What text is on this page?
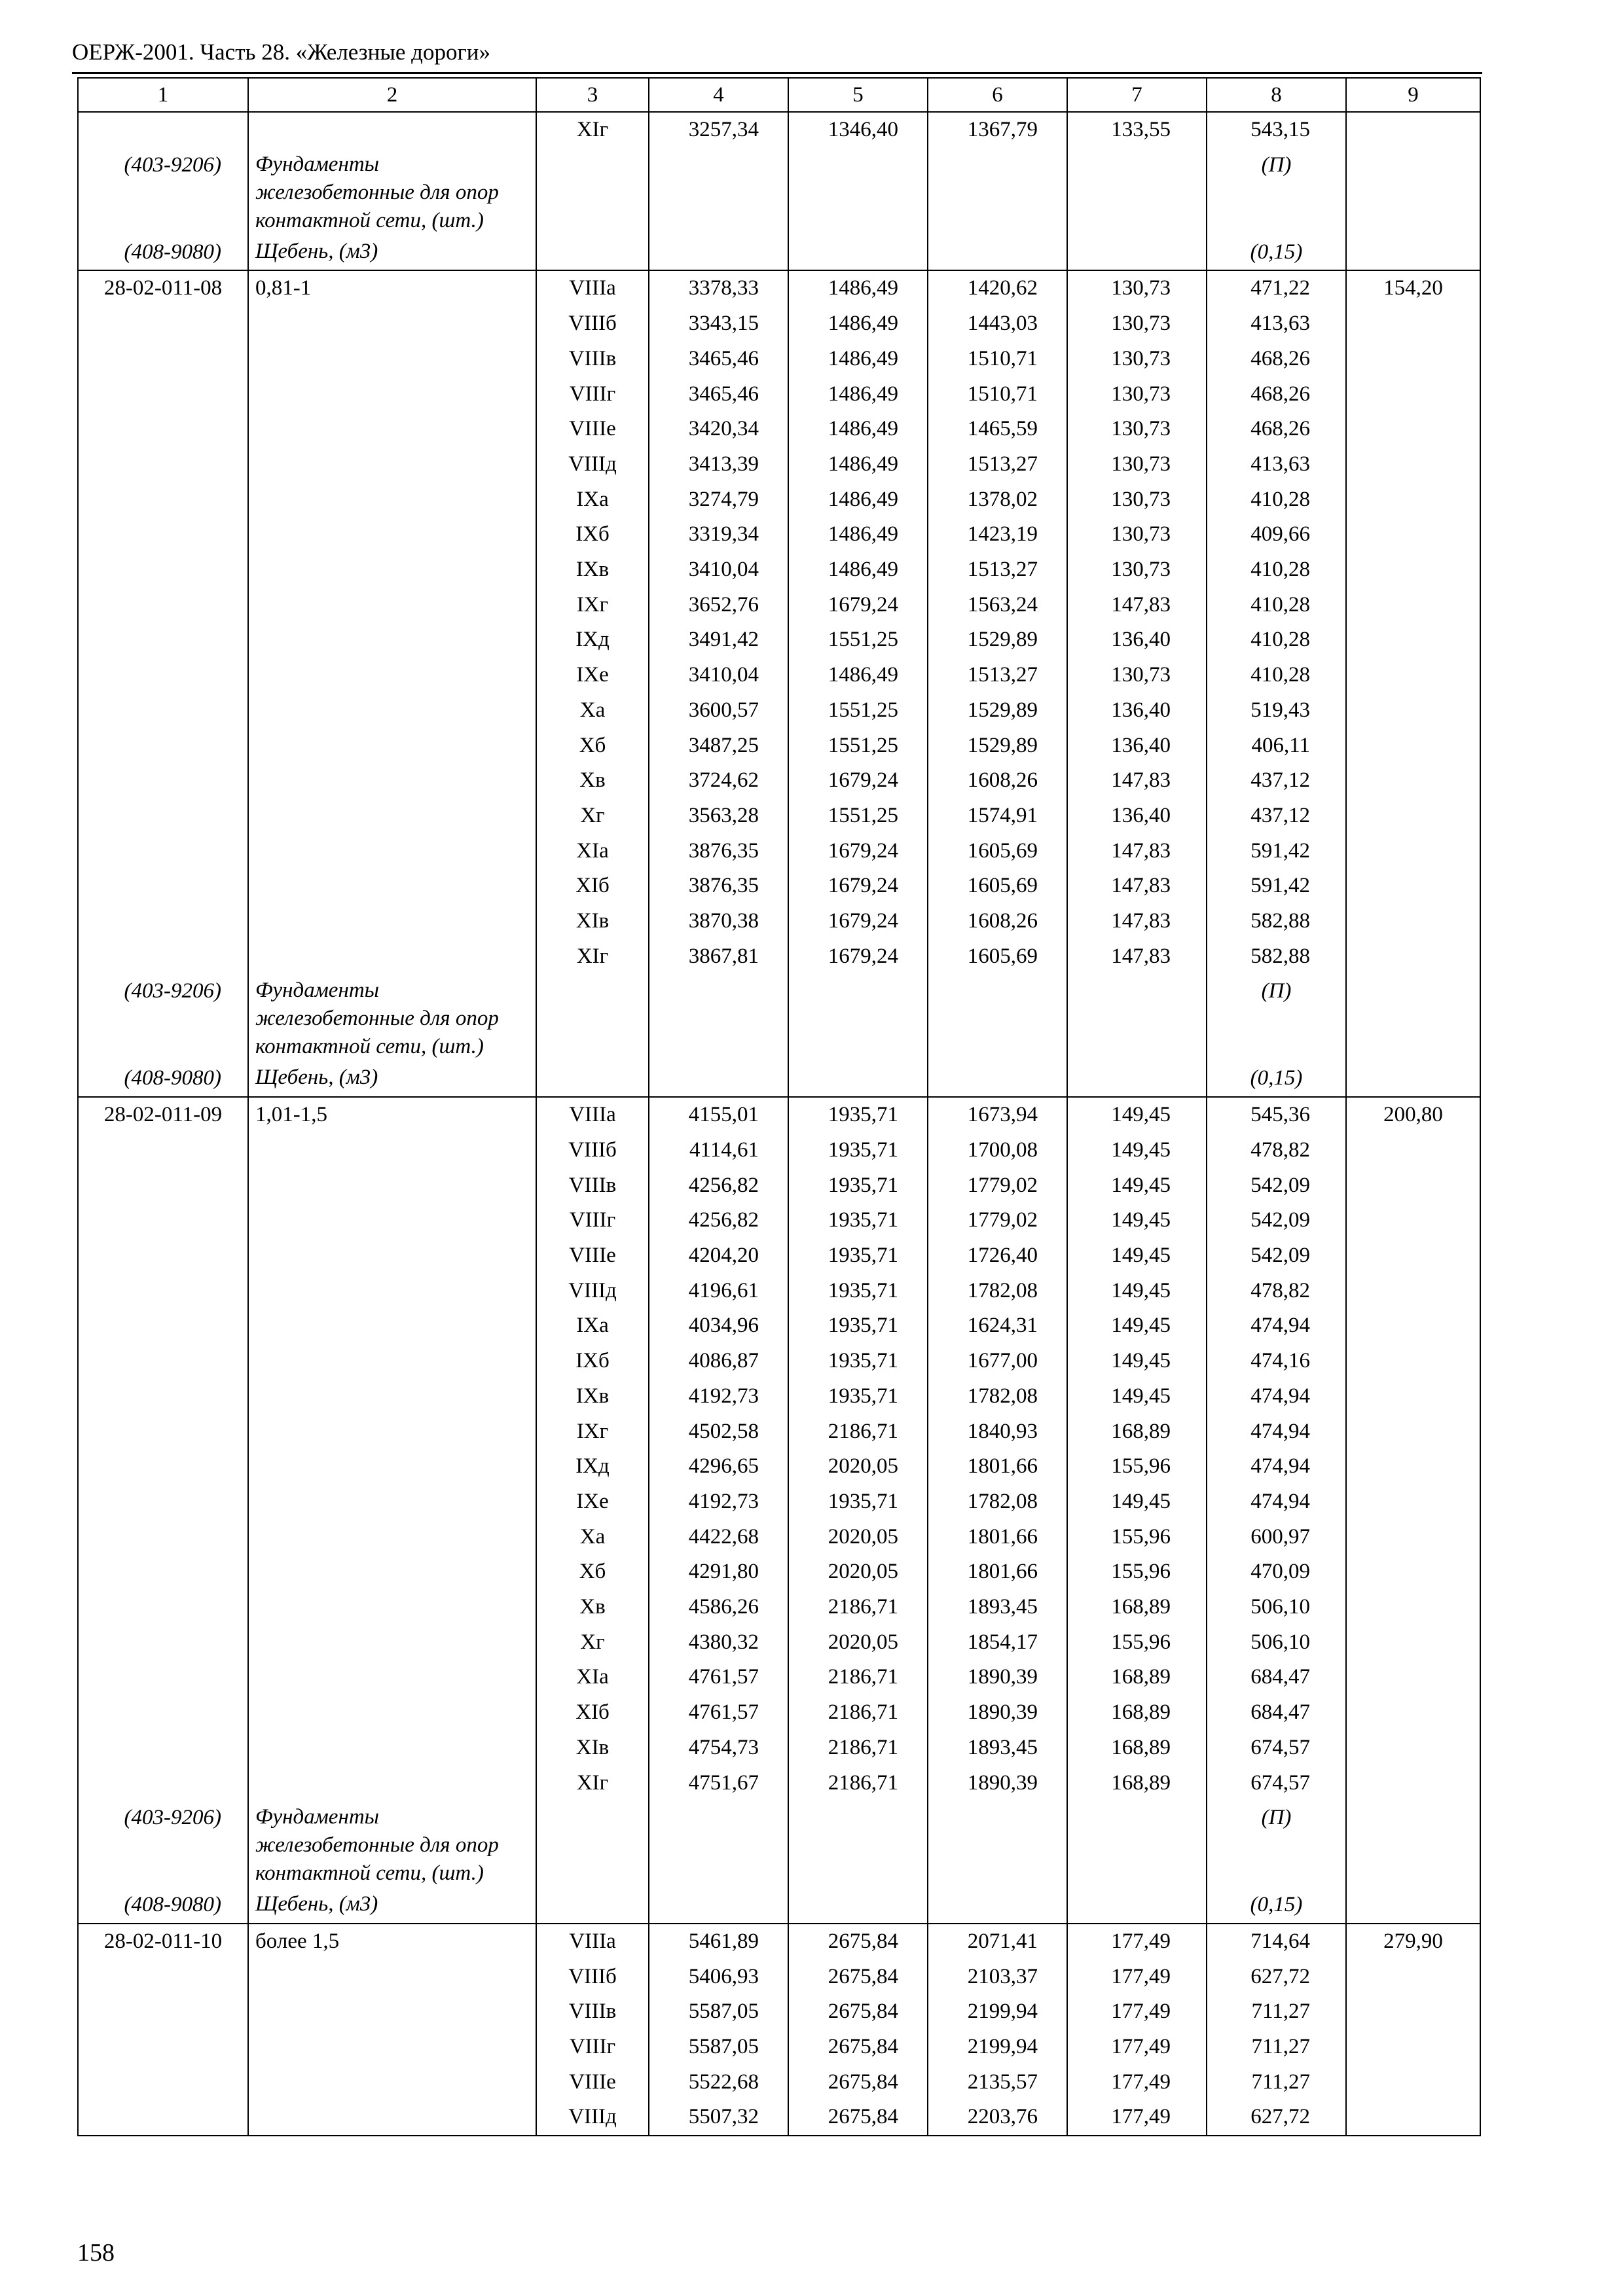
ОЕРЖ-2001. Часть 28. «Железные дороги»
1	2	3	4	5	6	7	8	9
		XIг	3257,34	1346,40	1367,79	133,55	543,15	
(403-9206)	Фундаменты железобетонные для опор контактной сети, (шт.)						(П)	
(408-9080)	Щебень, (м3)						(0,15)	
28-02-011-08	0,81-1	VIIIа	3378,33	1486,49	1420,62	130,73	471,22	154,20
		VIIIб	3343,15	1486,49	1443,03	130,73	413,63	
		VIIIв	3465,46	1486,49	1510,71	130,73	468,26	
		VIIIг	3465,46	1486,49	1510,71	130,73	468,26	
		VIIIе	3420,34	1486,49	1465,59	130,73	468,26	
		VIIIд	3413,39	1486,49	1513,27	130,73	413,63	
		IXа	3274,79	1486,49	1378,02	130,73	410,28	
		IXб	3319,34	1486,49	1423,19	130,73	409,66	
		IXв	3410,04	1486,49	1513,27	130,73	410,28	
		IXг	3652,76	1679,24	1563,24	147,83	410,28	
		IXд	3491,42	1551,25	1529,89	136,40	410,28	
		IXе	3410,04	1486,49	1513,27	130,73	410,28	
		Xа	3600,57	1551,25	1529,89	136,40	519,43	
		Xб	3487,25	1551,25	1529,89	136,40	406,11	
		Xв	3724,62	1679,24	1608,26	147,83	437,12	
		Xг	3563,28	1551,25	1574,91	136,40	437,12	
		XIа	3876,35	1679,24	1605,69	147,83	591,42	
		XIб	3876,35	1679,24	1605,69	147,83	591,42	
		XIв	3870,38	1679,24	1608,26	147,83	582,88	
		XIг	3867,81	1679,24	1605,69	147,83	582,88	
(403-9206)	Фундаменты железобетонные для опор контактной сети, (шт.)						(П)	
(408-9080)	Щебень, (м3)						(0,15)	
28-02-011-09	1,01-1,5	VIIIа	4155,01	1935,71	1673,94	149,45	545,36	200,80
		VIIIб	4114,61	1935,71	1700,08	149,45	478,82	
		VIIIв	4256,82	1935,71	1779,02	149,45	542,09	
		VIIIг	4256,82	1935,71	1779,02	149,45	542,09	
		VIIIе	4204,20	1935,71	1726,40	149,45	542,09	
		VIIIд	4196,61	1935,71	1782,08	149,45	478,82	
		IXа	4034,96	1935,71	1624,31	149,45	474,94	
		IXб	4086,87	1935,71	1677,00	149,45	474,16	
		IXв	4192,73	1935,71	1782,08	149,45	474,94	
		IXг	4502,58	2186,71	1840,93	168,89	474,94	
		IXд	4296,65	2020,05	1801,66	155,96	474,94	
		IXе	4192,73	1935,71	1782,08	149,45	474,94	
		Xа	4422,68	2020,05	1801,66	155,96	600,97	
		Xб	4291,80	2020,05	1801,66	155,96	470,09	
		Xв	4586,26	2186,71	1893,45	168,89	506,10	
		Xг	4380,32	2020,05	1854,17	155,96	506,10	
		XIа	4761,57	2186,71	1890,39	168,89	684,47	
		XIб	4761,57	2186,71	1890,39	168,89	684,47	
		XIв	4754,73	2186,71	1893,45	168,89	674,57	
		XIг	4751,67	2186,71	1890,39	168,89	674,57	
(403-9206)	Фундаменты железобетонные для опор контактной сети, (шт.)						(П)	
(408-9080)	Щебень, (м3)						(0,15)	
28-02-011-10	более 1,5	VIIIа	5461,89	2675,84	2071,41	177,49	714,64	279,90
		VIIIб	5406,93	2675,84	2103,37	177,49	627,72	
		VIIIв	5587,05	2675,84	2199,94	177,49	711,27	
		VIIIг	5587,05	2675,84	2199,94	177,49	711,27	
		VIIIе	5522,68	2675,84	2135,57	177,49	711,27	
		VIIIд	5507,32	2675,84	2203,76	177,49	627,72	
158
